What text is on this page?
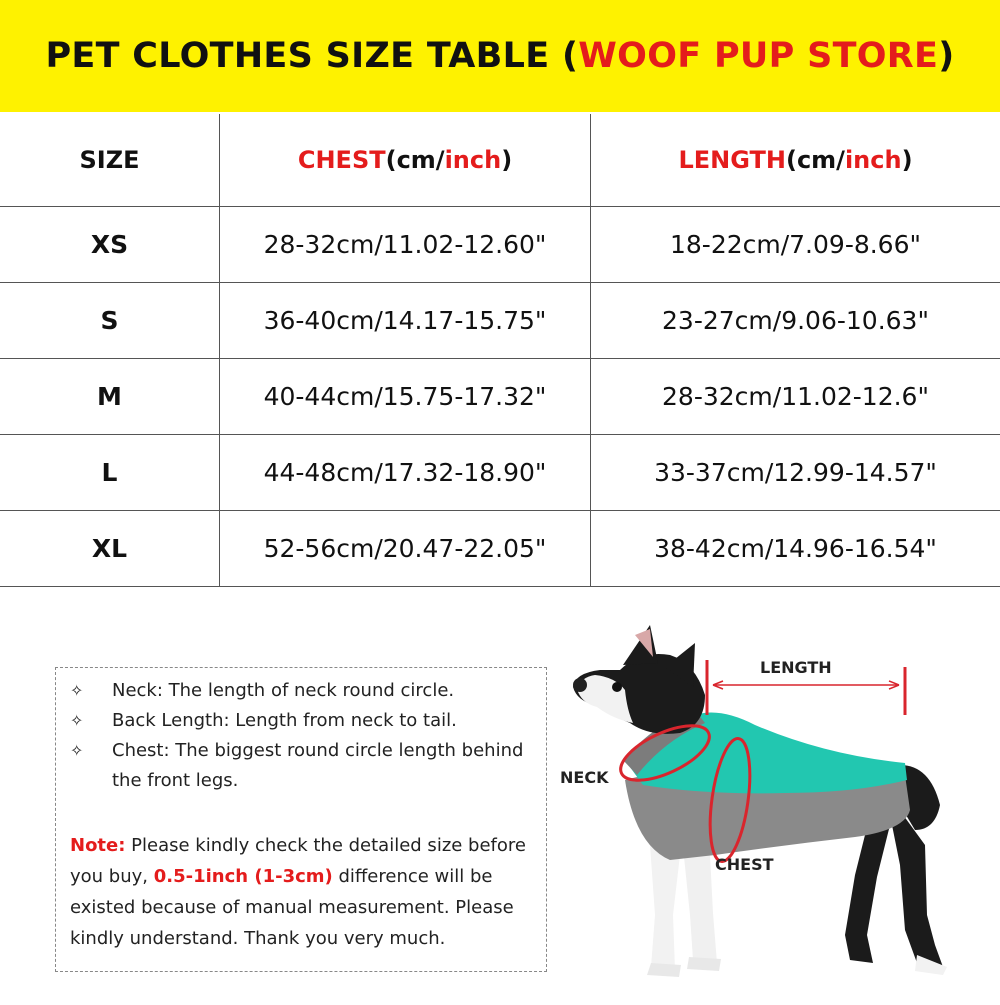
PET CLOTHES SIZE TABLE (WOOF PUP STORE)
SIZE	CHEST(cm/inch)	LENGTH(cm/inch)
XS	28-32cm/11.02-12.60"	18-22cm/7.09-8.66"
S	36-40cm/14.17-15.75"	23-27cm/9.06-10.63"
M	40-44cm/15.75-17.32"	28-32cm/11.02-12.6"
L	44-48cm/17.32-18.90"	33-37cm/12.99-14.57"
XL	52-56cm/20.47-22.05"	38-42cm/14.96-16.54"
✧ Neck: The length of neck round circle.
✧ Back Length: Length from neck to tail.
✧ Chest: The biggest round circle length behind the front legs.
Note: Please kindly check the detailed size before you buy, 0.5-1inch (1-3cm) difference will be existed because of manual measurement. Please kindly understand. Thank you very much.
LENGTH
NECK
CHEST
